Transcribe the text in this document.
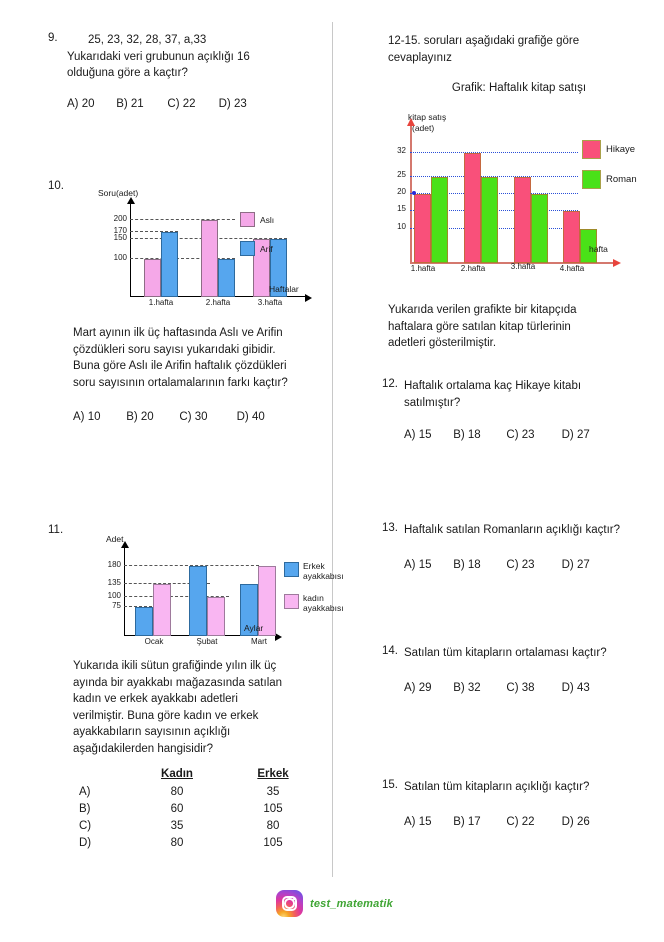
9.	25, 23, 32, 28, 37, a,33
Yukarıdaki veri grubunun açıklığı 16
olduğuna göre a kaçtır?
A) 20 B) 21 C) 22 D) 23
10.
Soru(adet)
200
170
150
100
1.hafta	2.hafta	3.hafta
Haftalar
Aslı
Arif
Mart ayının ilk üç haftasında Aslı ve Arifin
çözdükleri soru sayısı yukarıdaki gibidir.
Buna göre Aslı ile Arifin haftalık çözdükleri
soru sayısının ortalamalarının farkı kaçtır?
A) 10 B) 20 C) 30	D) 40
11.
Adet
180
135
100
75
Ocak	Şubat	Mart
Aylar
Erkek ayakkabısı
kadın ayakkabısı
Yukarıda ikili sütun grafiğinde yılın ilk üç
ayında bir ayakkabı mağazasında satılan
kadın ve erkek ayakkabı adetleri
verilmiştir. Buna göre kadın ve erkek
ayakkabıların sayısının açıklığı
aşağıdakilerden hangisidir?
	Kadın	Erkek
A)	80	35
B)	60	105
C)	35	80
D)	80	105
12-15. soruları aşağıdaki grafiğe göre
cevaplayınız
Grafik: Haftalık kitap satışı
kitap satış
(adet)
32
25
20
15
10
1.hafta	2.hafta	3.hafta	4.hafta
hafta
Hikaye
Roman
Yukarıda verilen grafikte bir kitapçıda
haftalara göre satılan kitap türlerinin
adetleri gösterilmiştir.
12. Haftalık ortalama kaç Hikaye kitabı
satılmıştır?
A) 15 B) 18 C) 23 D) 27
13. Haftalık satılan Romanların açıklığı kaçtır?
A) 15 B) 18 C) 23 D) 27
14. Satılan tüm kitapların ortalaması kaçtır?
A) 29 B) 32 C) 38 D) 43
15. Satılan tüm kitapların açıklığı kaçtır?
A) 15 B) 17 C) 22 D) 26
test_matematik
